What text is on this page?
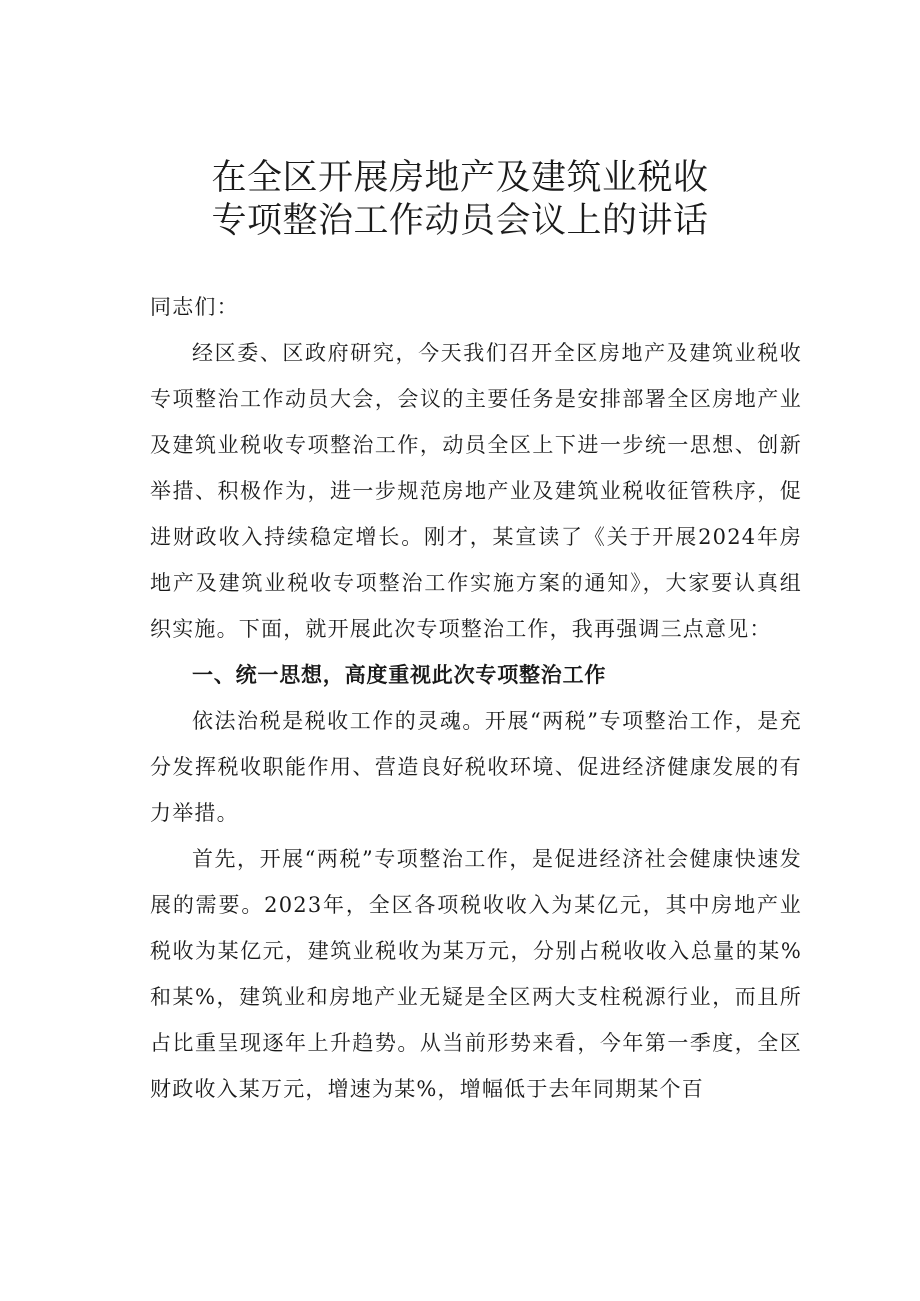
在全区开展房地产及建筑业税收
专项整治工作动员会议上的讲话

同志们：

经区委、区政府研究，今天我们召开全区房地产及建筑业税收专项整治工作动员大会，会议的主要任务是安排部署全区房地产业及建筑业税收专项整治工作，动员全区上下进一步统一思想、创新举措、积极作为，进一步规范房地产业及建筑业税收征管秩序，促进财政收入持续稳定增长。刚才，某宣读了《关于开展2024年房地产及建筑业税收专项整治工作实施方案的通知》，大家要认真组织实施。下面，就开展此次专项整治工作，我再强调三点意见：

一、统一思想，高度重视此次专项整治工作

依法治税是税收工作的灵魂。开展“两税”专项整治工作，是充分发挥税收职能作用、营造良好税收环境、促进经济健康发展的有力举措。

首先，开展“两税”专项整治工作，是促进经济社会健康快速发展的需要。2023年，全区各项税收收入为某亿元，其中房地产业税收为某亿元，建筑业税收为某万元，分别占税收收入总量的某%和某%，建筑业和房地产业无疑是全区两大支柱税源行业，而且所占比重呈现逐年上升趋势。从当前形势来看，今年第一季度，全区财政收入某万元，增速为某%，增幅低于去年同期某个百
